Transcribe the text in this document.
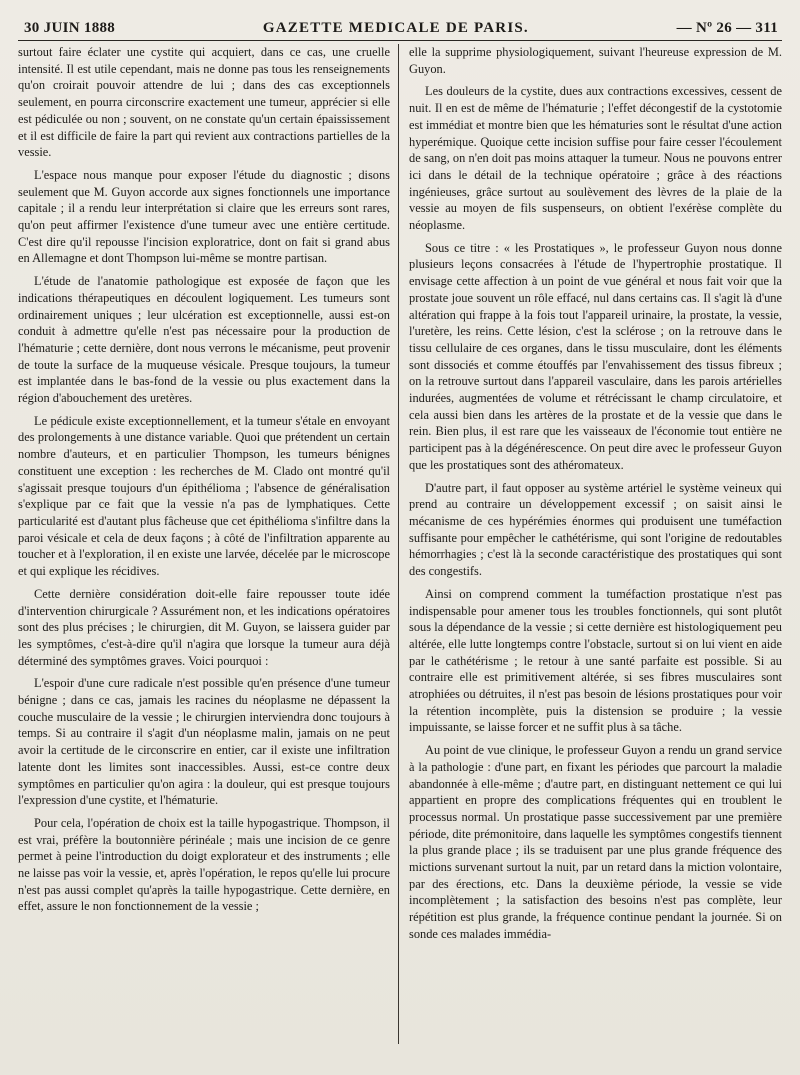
30 JUIN 1888	GAZETTE MEDICALE DE PARIS.	— Nº 26 — 311

surtout faire éclater une cystite qui acquiert, dans ce cas, une cruelle intensité. Il est utile cependant, mais ne donne pas tous les renseignements qu'on croirait pouvoir attendre de lui ; dans des cas exceptionnels seulement, en pourra circonscrire exactement une tumeur, apprécier si elle est pédiculée ou non ; souvent, on ne constate qu'un certain épaississement et il est difficile de faire la part qui revient aux contractions partielles de la vessie.

L'espace nous manque pour exposer l'étude du diagnostic ; disons seulement que M. Guyon accorde aux signes fonctionnels une importance capitale ; il a rendu leur interprétation si claire que les erreurs sont rares, qu'on peut affirmer l'existence d'une tumeur avec une entière certitude. C'est dire qu'il repousse l'incision exploratrice, dont on fait si grand abus en Allemagne et dont Thompson lui-même se montre partisan.

L'étude de l'anatomie pathologique est exposée de façon que les indications thérapeutiques en découlent logiquement. Les tumeurs sont ordinairement uniques ; leur ulcération est exceptionnelle, aussi est-on conduit à admettre qu'elle n'est pas nécessaire pour la production de l'hématurie ; cette dernière, dont nous verrons le mécanisme, peut provenir de toute la surface de la muqueuse vésicale. Presque toujours, la tumeur est implantée dans le bas-fond de la vessie ou plus exactement dans la région d'abouchement des uretères.

Le pédicule existe exceptionnellement, et la tumeur s'étale en envoyant des prolongements à une distance variable. Quoi que prétendent un certain nombre d'auteurs, et en particulier Thompson, les tumeurs bénignes constituent une exception : les recherches de M. Clado ont montré qu'il s'agissait presque toujours d'un épithélioma ; l'absence de généralisation s'explique par ce fait que la vessie n'a pas de lymphatiques. Cette particularité est d'autant plus fâcheuse que cet épithélioma s'infiltre dans la paroi vésicale et cela de deux façons ; à côté de l'infiltration apparente au toucher et à l'exploration, il en existe une larvée, décelée par le microscope et qui explique les récidives.

Cette dernière considération doit-elle faire repousser toute idée d'intervention chirurgicale ? Assurément non, et les indications opératoires sont des plus précises ; le chirurgien, dit M. Guyon, se laissera guider par les symptômes, c'est-à-dire qu'il n'agira que lorsque la tumeur aura déjà déterminé des symptômes graves. Voici pourquoi :

L'espoir d'une cure radicale n'est possible qu'en présence d'une tumeur bénigne ; dans ce cas, jamais les racines du néoplasme ne dépassent la couche musculaire de la vessie ; le chirurgien interviendra donc toujours à temps. Si au contraire il s'agit d'un néoplasme malin, jamais on ne peut avoir la certitude de le circonscrire en entier, car il existe une infiltration latente dont les limites sont inaccessibles. Aussi, est-ce contre deux symptômes en particulier qu'on agira : la douleur, qui est presque toujours l'expression d'une cystite, et l'hématurie.

Pour cela, l'opération de choix est la taille hypogastrique. Thompson, il est vrai, préfère la boutonnière périnéale ; mais une incision de ce genre permet à peine l'introduction du doigt explorateur et des instruments ; elle ne laisse pas voir la vessie, et, après l'opération, le repos qu'elle lui procure n'est pas aussi complet qu'après la taille hypogastrique. Cette dernière, en effet, assure le non fonctionnement de la vessie ;

elle la supprime physiologiquement, suivant l'heureuse expression de M. Guyon.

Les douleurs de la cystite, dues aux contractions excessives, cessent de nuit. Il en est de même de l'hématurie ; l'effet décongestif de la cystotomie est immédiat et montre bien que les hématuries sont le résultat d'une action hyperémique. Quoique cette incision suffise pour faire cesser l'écoulement de sang, on n'en doit pas moins attaquer la tumeur. Nous ne pouvons entrer ici dans le détail de la technique opératoire ; grâce à des réactions ingénieuses, grâce surtout au soulèvement des lèvres de la plaie de la vessie au moyen de fils suspenseurs, on obtient l'exérèse complète du néoplasme.

Sous ce titre : « les Prostatiques », le professeur Guyon nous donne plusieurs leçons consacrées à l'étude de l'hypertrophie prostatique. Il envisage cette affection à un point de vue général et nous fait voir que la prostate joue souvent un rôle effacé, nul dans certains cas. Il s'agit là d'une altération qui frappe à la fois tout l'appareil urinaire, la prostate, la vessie, l'uretère, les reins. Cette lésion, c'est la sclérose ; on la retrouve dans le tissu cellulaire de ces organes, dans le tissu musculaire, dont les éléments sont dissociés et comme étouffés par l'envahissement des tissus fibreux ; on la retrouve surtout dans l'appareil vasculaire, dans les parois artérielles indurées, augmentées de volume et rétrécissant le champ circulatoire, et cela aussi bien dans les artères de la prostate et de la vessie que dans le rein. Bien plus, il est rare que les vaisseaux de l'économie tout entière ne participent pas à la dégénérescence. On peut dire avec le professeur Guyon que les prostatiques sont des athéromateux.

D'autre part, il faut opposer au système artériel le système veineux qui prend au contraire un développement excessif ; on saisit ainsi le mécanisme de ces hypérémies énormes qui produisent une tuméfaction suffisante pour empêcher le cathétérisme, qui sont l'origine de redoutables hémorrhagies ; c'est là la seconde caractéristique des prostatiques qui sont des congestifs.

Ainsi on comprend comment la tuméfaction prostatique n'est pas indispensable pour amener tous les troubles fonctionnels, qui sont plutôt sous la dépendance de la vessie ; si cette dernière est histologiquement peu altérée, elle lutte longtemps contre l'obstacle, surtout si on lui vient en aide par le cathétérisme ; le retour à une santé parfaite est possible. Si au contraire elle est primitivement altérée, si ses fibres musculaires sont atrophiées ou détruites, il n'est pas besoin de lésions prostatiques pour voir la rétention incomplète, puis la distension se produire ; la vessie impuissante, se laisse forcer et ne suffit plus à sa tâche.

Au point de vue clinique, le professeur Guyon a rendu un grand service à la pathologie : d'une part, en fixant les périodes que parcourt la maladie abandonnée à elle-même ; d'autre part, en distinguant nettement ce qui lui appartient en propre des complications fréquentes qui en troublent le processus normal. Un prostatique passe successivement par une première période, dite prémonitoire, dans laquelle les symptômes congestifs tiennent la plus grande place ; ils se traduisent par une plus grande fréquence des mictions survenant surtout la nuit, par un retard dans la miction volontaire, par des érections, etc. Dans la deuxième période, la vessie se vide incomplètement ; la satisfaction des besoins n'est pas complète, leur répétition est plus grande, la fréquence continue pendant la journée. Si on sonde ces malades immédia-
